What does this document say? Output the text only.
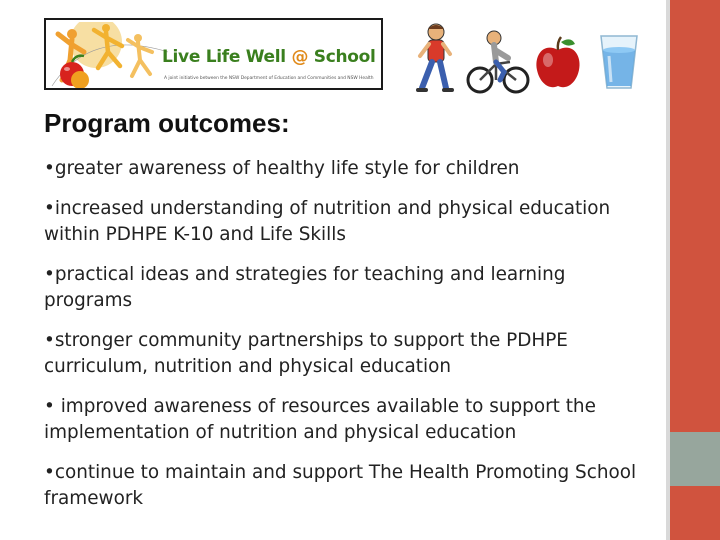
Live Life Well @ School
A joint initiative between the NSW Department of Education and Communities and NSW Health
Program outcomes:
•greater awareness of healthy life style for children
•increased understanding of nutrition and physical education within PDHPE K-10 and Life Skills
•practical ideas and strategies for teaching and learning programs
•stronger community partnerships to support the PDHPE curriculum, nutrition and physical education
• improved awareness of resources available to support the implementation of nutrition and physical education
•continue to maintain and support The Health Promoting School framework
